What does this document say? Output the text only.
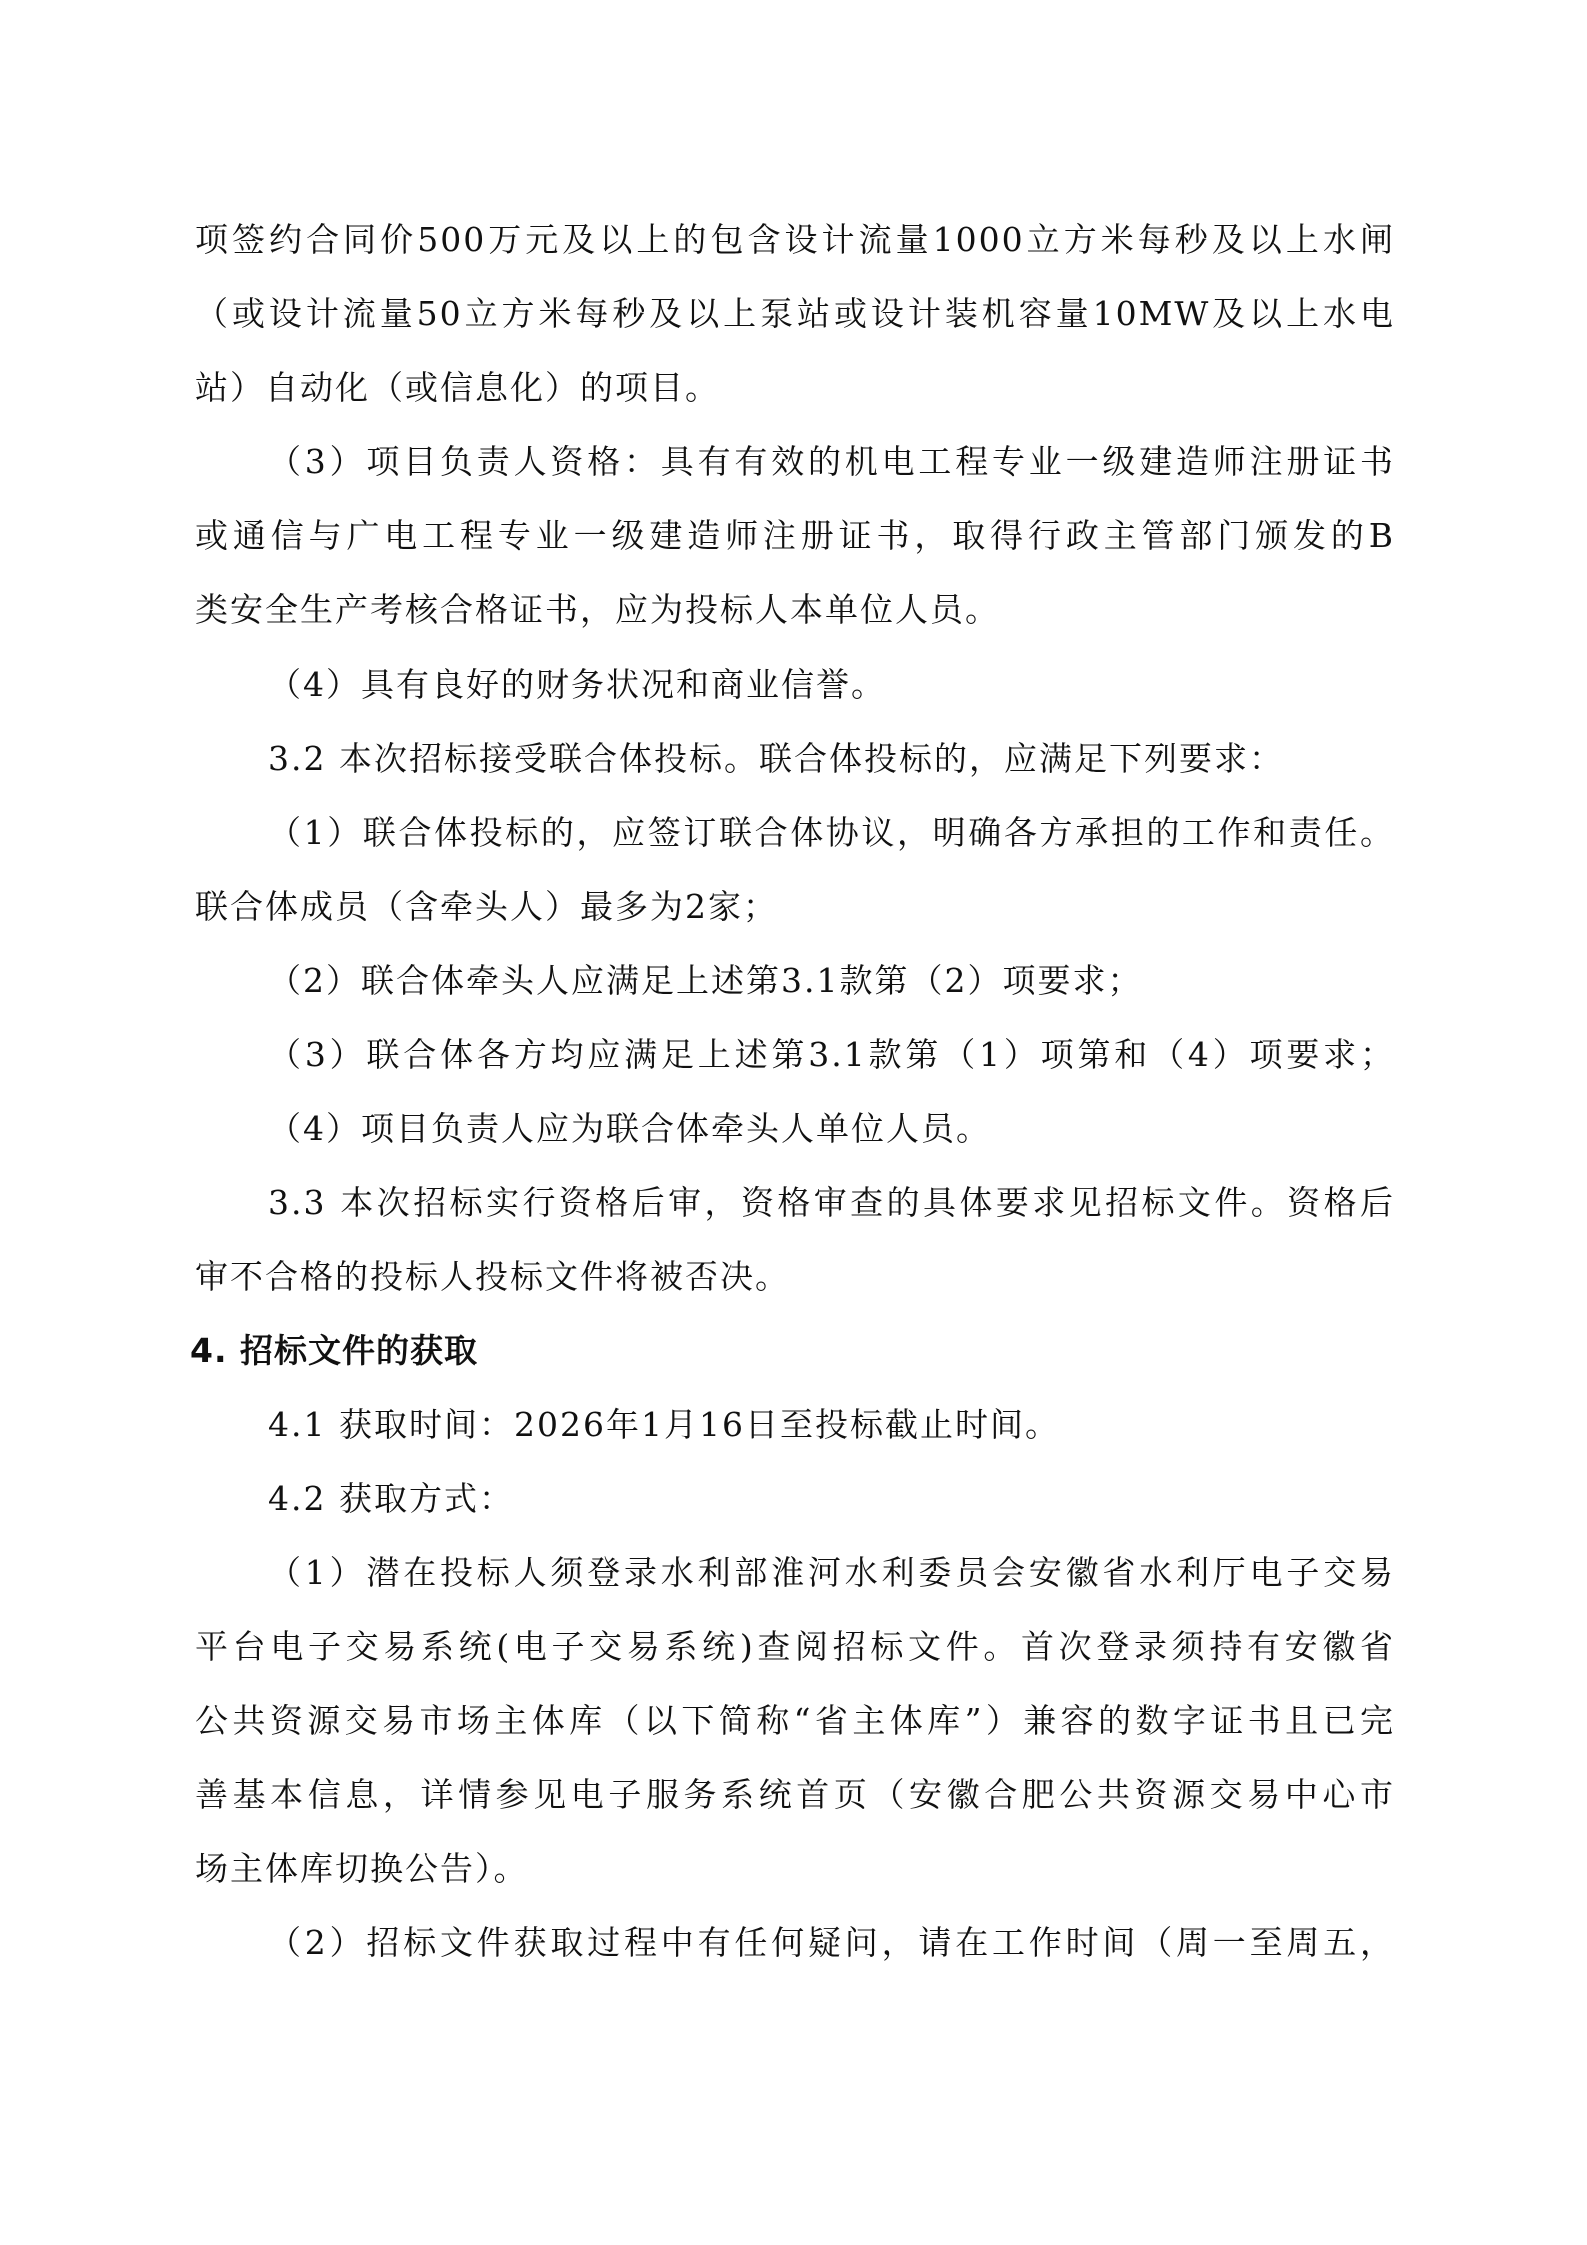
项签约合同价500万元及以上的包含设计流量1000立方米每秒及以上水闸
（或设计流量50立方米每秒及以上泵站或设计装机容量10MW及以上水电
站）自动化（或信息化）的项目。
（3）项目负责人资格：具有有效的机电工程专业一级建造师注册证书
或通信与广电工程专业一级建造师注册证书，取得行政主管部门颁发的B
类安全生产考核合格证书，应为投标人本单位人员。
（4）具有良好的财务状况和商业信誉。
3.2 本次招标接受联合体投标。联合体投标的，应满足下列要求：
（1）联合体投标的，应签订联合体协议，明确各方承担的工作和责任。
联合体成员（含牵头人）最多为2家；
（2）联合体牵头人应满足上述第3.1款第（2）项要求；
（3）联合体各方均应满足上述第3.1款第（1）项第和（4）项要求；
（4）项目负责人应为联合体牵头人单位人员。
3.3 本次招标实行资格后审，资格审查的具体要求见招标文件。资格后
审不合格的投标人投标文件将被否决。
4. 招标文件的获取
4.1 获取时间：2026年1月16日至投标截止时间。
4.2 获取方式：
（1）潜在投标人须登录水利部淮河水利委员会安徽省水利厅电子交易
平台电子交易系统(电子交易系统)查阅招标文件。首次登录须持有安徽省
公共资源交易市场主体库（以下简称“省主体库”）兼容的数字证书且已完
善基本信息，详情参见电子服务系统首页（安徽合肥公共资源交易中心市
场主体库切换公告）。
（2）招标文件获取过程中有任何疑问，请在工作时间（周一至周五，
